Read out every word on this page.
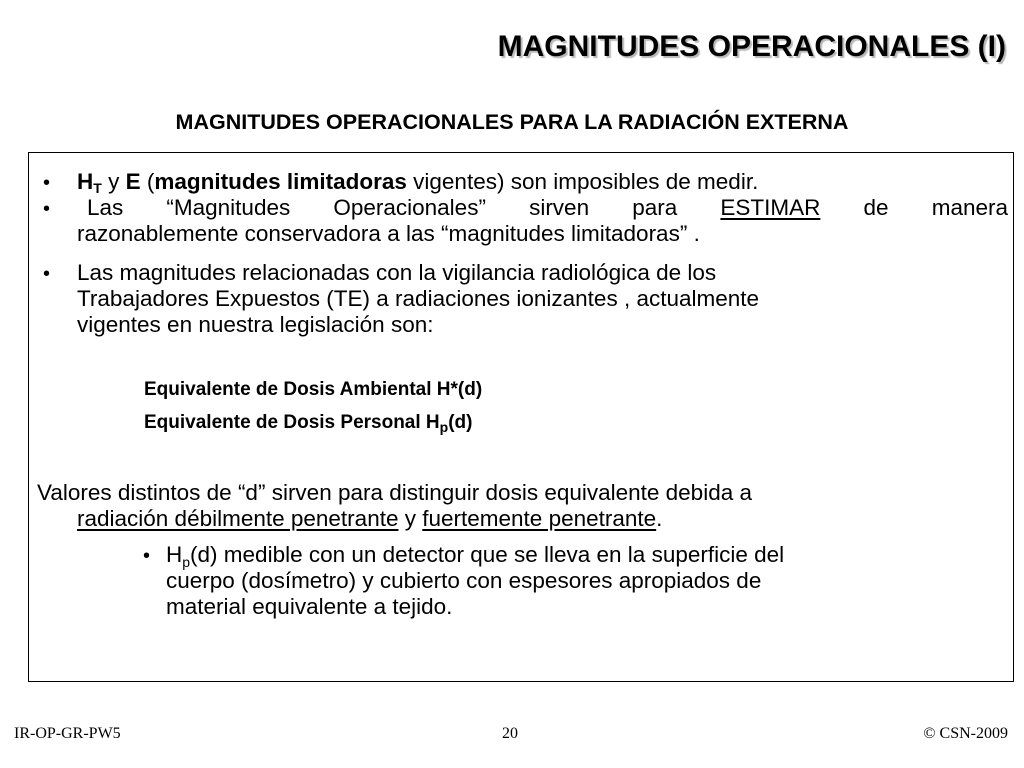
MAGNITUDES OPERACIONALES (I)
MAGNITUDES OPERACIONALES PARA LA RADIACIÓN EXTERNA
• $H_T$ y E (magnitudes limitadoras vigentes) son imposibles de medir.
• Las “Magnitudes Operacionales” sirven para ESTIMAR de manera
razonablemente conservadora a las “magnitudes limitadoras” .
• Las magnitudes relacionadas con la vigilancia radiológica de los
Trabajadores Expuestos (TE) a radiaciones ionizantes , actualmente
vigentes en nuestra legislación son:
Equivalente de Dosis Ambiental H*(d)
Equivalente de Dosis Personal $H_p(d)$
Valores distintos de “d” sirven para distinguir dosis equivalente debida a
radiación débilmente penetrante y fuertemente penetrante.
• $H_p(d)$ medible con un detector que se lleva en la superficie del
cuerpo (dosímetro) y cubierto con espesores apropiados de
material equivalente a tejido.
IR-OP-GR-PW5	20	© CSN-2009
